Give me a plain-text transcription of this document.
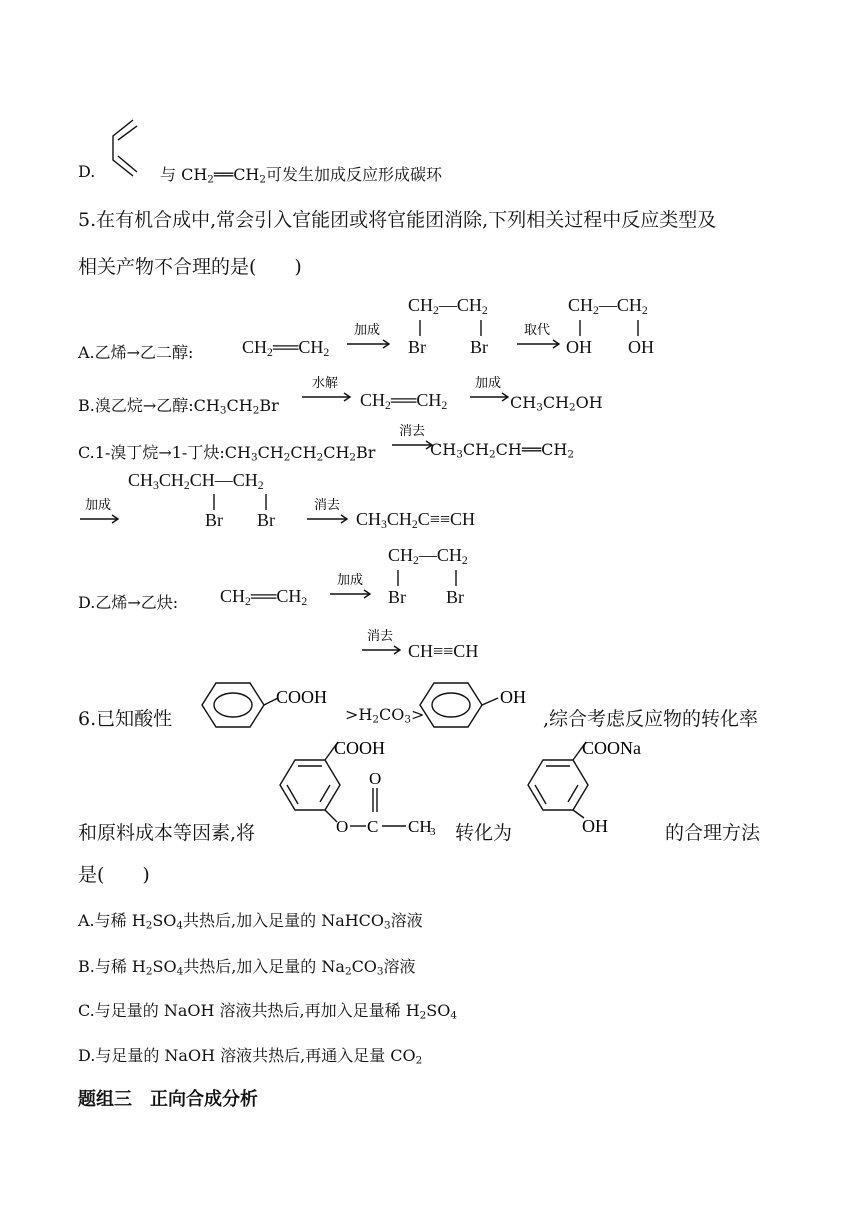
D.	与 $CH_2══CH_2$可发生加成反应形成碳环
5.在有机合成中,常会引入官能团或将官能团消除,下列相关过程中反应类型及
相关产物不合理的是(　　)
A.乙烯→乙二醇:	$CH_2══CH_2$
加成
$CH_2—CH_2$
Br Br
取代
$CH_2—CH_2$
OH OH
B.溴乙烷→乙醇$:CH_3CH_2Br$
水解
$CH_2══CH_2$
加成
$CH_3CH_2OH$
C.1-溴丁烷→1-丁炔$:CH_3CH_2CH_2CH_2Br$
消去
$CH_3CH_2CH══CH_2$
加成
$CH_3CH_2CH—CH_2$
Br Br
消去
$CH_3CH_2C\equiv\equiv CH$
D.乙烯→乙炔: $CH_2══CH_2$
加成
$CH_2—CH_2$
Br Br
消去
CH≡≡CH
6.已知酸性
COOH
$>H_2CO_3>$
OH
,综合考虑反应物的转化率
COOH
O C
O
CH
3
COONa
OH
和原料成本等因素,将	转化为	的合理方法
是(　　)
A.与稀 $H_2SO_4$共热后,加入足量的 NaHCO$_3$溶液
B.与稀 $H_2SO_4$共热后,加入足量的 $Na_2CO_3$溶液
C.与足量的 NaOH 溶液共热后,再加入足量稀 $H_2SO_4$
D.与足量的 NaOH 溶液共热后,再通入足量 $CO_2$
题组三　正向合成分析
